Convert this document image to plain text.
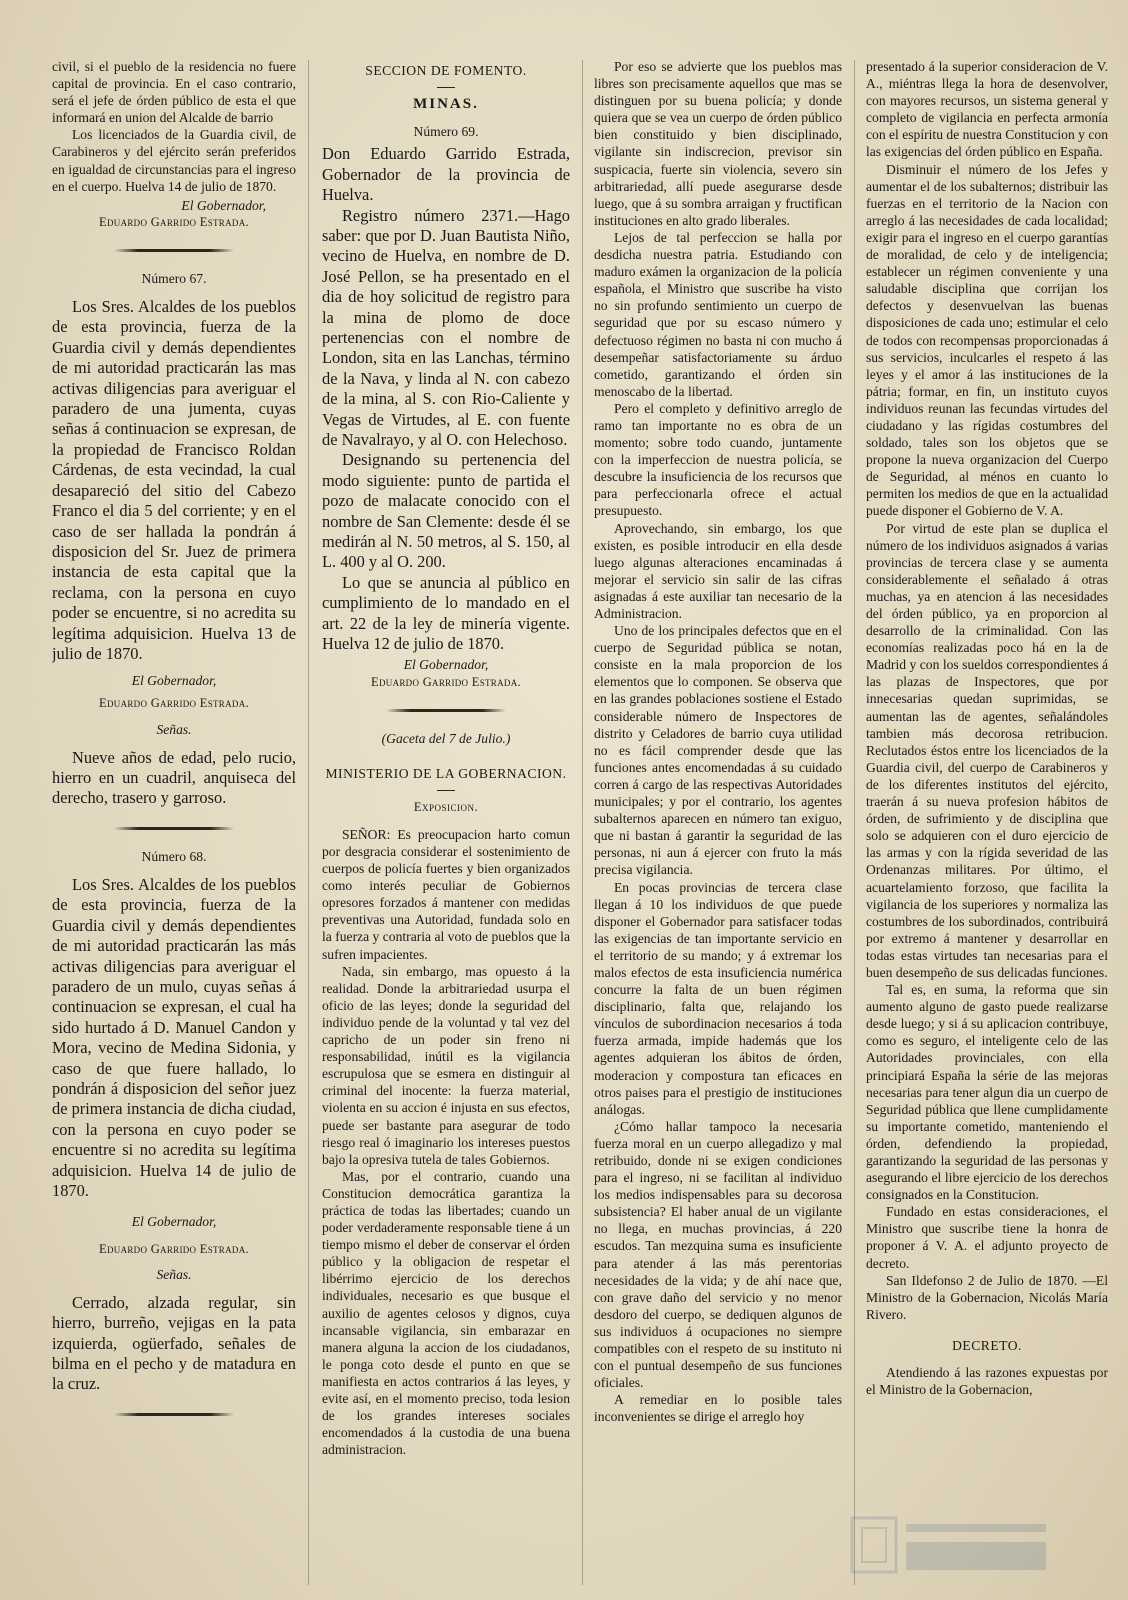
civil, si el pueblo de la residencia no fuere capital de provincia. En el caso contrario, será el jefe de órden público de esta el que informará en union del Alcalde de barrio

Los licenciados de la Guardia civil, de Carabineros y del ejército serán preferidos en igualdad de circunstancias para el ingreso en el cuerpo. Huelva 14 de julio de 1870.

El Gobernador,
Eduardo Garrido Estrada.
Número 67.

Los Sres. Alcaldes de los pueblos de esta provincia, fuerza de la Guardia civil y demás dependientes de mi autoridad practicarán las mas activas diligencias para averiguar el paradero de una jumenta, cuyas señas á continuacion se expresan, de la propiedad de Francisco Roldan Cárdenas, de esta vecindad, la cual desapareció del sitio del Cabezo Franco el dia 5 del corriente; y en el caso de ser hallada la pondrán á disposicion del Sr. Juez de primera instancia de esta capital que la reclama, con la persona en cuyo poder se encuentre, si no acredita su legítima adquisicion. Huelva 13 de julio de 1870.

El Gobernador,
Eduardo Garrido Estrada.
Señas.

Nueve años de edad, pelo rucio, hierro en un cuadril, anquiseca del derecho, trasero y garroso.

Número 68.

Los Sres. Alcaldes de los pueblos de esta provincia, fuerza de la Guardia civil y demás dependientes de mi autoridad practicarán las más activas diligencias para averiguar el paradero de un mulo, cuyas señas á continuacion se expresan, el cual ha sido hurtado á D. Manuel Candon y Mora, vecino de Medina Sidonia, y caso de que fuere hallado, lo pondrán á disposicion del señor juez de primera instancia de dicha ciudad, con la persona en cuyo poder se encuentre si no acredita su legítima adquisicion. Huelva 14 de julio de 1870.

El Gobernador,
Eduardo Garrido Estrada.
Señas.

Cerrado, alzada regular, sin hierro, burreño, vejigas en la pata izquierda, ogüerfado, señales de bilma en el pecho y de matadura en la cruz.

SECCION DE FOMENTO.
MINAS.
Número 69.

Don Eduardo Garrido Estrada, Gobernador de la provincia de Huelva.

Registro número 2371.—Hago saber: que por D. Juan Bautista Niño, vecino de Huelva, en nombre de D. José Pellon, se ha presentado en el dia de hoy solicitud de registro para la mina de plomo de doce pertenencias con el nombre de London, sita en las Lanchas, término de la Nava, y linda al N. con cabezo de la mina, al S. con Rio-Caliente y Vegas de Virtudes, al E. con fuente de Navalrayo, y al O. con Helechoso.

Designando su pertenencia del modo siguiente: punto de partida el pozo de malacate conocido con el nombre de San Clemente: desde él se medirán al N. 50 metros, al S. 150, al L. 400 y al O. 200.

Lo que se anuncia al público en cumplimiento de lo mandado en el art. 22 de la ley de minería vigente. Huelva 12 de julio de 1870.

El Gobernador,
Eduardo Garrido Estrada.
(Gaceta del 7 de Julio.)
MINISTERIO DE LA GOBERNACION.
Exposicion.

SEÑOR: Es preocupacion harto comun por desgracia considerar el sostenimiento de cuerpos de policía fuertes y bien organizados como interés peculiar de Gobiernos opresores forzados á mantener con medidas preventivas una Autoridad, fundada solo en la fuerza y contraria al voto de pueblos que la sufren impacientes.

Nada, sin embargo, mas opuesto á la realidad. Donde la arbitrariedad usurpa el oficio de las leyes; donde la seguridad del individuo pende de la voluntad y tal vez del capricho de un poder sin freno ni responsabilidad, inútil es la vigilancia escrupulosa que se esmera en distinguir al criminal del inocente: la fuerza material, violenta en su accion é injusta en sus efectos, puede ser bastante para asegurar de todo riesgo real ó imaginario los intereses puestos bajo la opresiva tutela de tales Gobiernos.

Mas, por el contrario, cuando una Constitucion democrática garantiza la práctica de todas las libertades; cuando un poder verdaderamente responsable tiene á un tiempo mismo el deber de conservar el órden público y la obligacion de respetar el libérrimo ejercicio de los derechos individuales, necesario es que busque el auxilio de agentes celosos y dignos, cuya incansable vigilancia, sin embarazar en manera alguna la accion de los ciudadanos, le ponga coto desde el punto en que se manifiesta en actos contrarios á las leyes, y evite así, en el momento preciso, toda lesion de los grandes intereses sociales encomendados á la custodia de una buena administracion.

Por eso se advierte que los pueblos mas libres son precisamente aquellos que mas se distinguen por su buena policía; y donde quiera que se vea un cuerpo de órden público bien constituido y bien disciplinado, vigilante sin indiscrecion, previsor sin suspicacia, fuerte sin violencia, severo sin arbitrariedad, allí puede asegurarse desde luego, que á su sombra arraigan y fructifican instituciones en alto grado liberales.

Lejos de tal perfeccion se halla por desdicha nuestra patria. Estudiando con maduro exámen la organizacion de la policía española, el Ministro que suscribe ha visto no sin profundo sentimiento un cuerpo de seguridad que por su escaso número y defectuoso régimen no basta ni con mucho á desempeñar satisfactoriamente su árduo cometido, garantizando el órden sin menoscabo de la libertad.

Pero el completo y definitivo arreglo de ramo tan importante no es obra de un momento; sobre todo cuando, juntamente con la imperfeccion de nuestra policía, se descubre la insuficiencia de los recursos que para perfeccionarla ofrece el actual presupuesto.

Aprovechando, sin embargo, los que existen, es posible introducir en ella desde luego algunas alteraciones encaminadas á mejorar el servicio sin salir de las cifras asignadas á este auxiliar tan necesario de la Administracion.

Uno de los principales defectos que en el cuerpo de Seguridad pública se notan, consiste en la mala proporcion de los elementos que lo componen. Se observa que en las grandes poblaciones sostiene el Estado considerable número de Inspectores de distrito y Celadores de barrio cuya utilidad no es fácil comprender desde que las funciones antes encomendadas á su cuidado corren á cargo de las respectivas Autoridades municipales; y por el contrario, los agentes subalternos aparecen en número tan exiguo, que ni bastan á garantir la seguridad de las personas, ni aun á ejercer con fruto la más precisa vigilancia.

En pocas provincias de tercera clase llegan á 10 los individuos de que puede disponer el Gobernador para satisfacer todas las exigencias de tan importante servicio en el territorio de su mando; y á extremar los malos efectos de esta insuficiencia numérica concurre la falta de un buen régimen disciplinario, falta que, relajando los vínculos de subordinacion necesarios á toda fuerza armada, impide hademás que los agentes adquieran los ábitos de órden, moderacion y compostura tan eficaces en otros paises para el prestigio de instituciones análogas.

¿Cómo hallar tampoco la necesaria fuerza moral en un cuerpo allegadizo y mal retribuido, donde ni se exigen condiciones para el ingreso, ni se facilitan al individuo los medios indispensables para su decorosa subsistencia? El haber anual de un vigilante no llega, en muchas provincias, á 220 escudos. Tan mezquina suma es insuficiente para atender á las más perentorias necesidades de la vida; y de ahí nace que, con grave daño del servicio y no menor desdoro del cuerpo, se dediquen algunos de sus individuos á ocupaciones no siempre compatibles con el respeto de su instituto ni con el puntual desempeño de sus funciones oficiales.

A remediar en lo posible tales inconvenientes se dirige el arreglo hoy

presentado á la superior consideracion de V. A., miéntras llega la hora de desenvolver, con mayores recursos, un sistema general y completo de vigilancia en perfecta armonía con el espíritu de nuestra Constitucion y con las exigencias del órden público en España.

Disminuir el número de los Jefes y aumentar el de los subalternos; distribuir las fuerzas en el territorio de la Nacion con arreglo á las necesidades de cada localidad; exigir para el ingreso en el cuerpo garantías de moralidad, de celo y de inteligencia; establecer un régimen conveniente y una saludable disciplina que corrijan los defectos y desenvuelvan las buenas disposiciones de cada uno; estimular el celo de todos con recompensas proporcionadas á sus servicios, inculcarles el respeto á las leyes y el amor á las instituciones de la pátria; formar, en fin, un instituto cuyos individuos reunan las fecundas virtudes del ciudadano y las rígidas costumbres del soldado, tales son los objetos que se propone la nueva organizacion del Cuerpo de Seguridad, al ménos en cuanto lo permiten los medios de que en la actualidad puede disponer el Gobierno de V. A.

Por virtud de este plan se duplica el número de los individuos asignados á varias provincias de tercera clase y se aumenta considerablemente el señalado á otras muchas, ya en atencion á las necesidades del órden público, ya en proporcion al desarrollo de la criminalidad. Con las economías realizadas poco há en la de Madrid y con los sueldos correspondientes á las plazas de Inspectores, que por innecesarias quedan suprimidas, se aumentan las de agentes, señalándoles tambien más decorosa retribucion. Reclutados éstos entre los licenciados de la Guardia civil, del cuerpo de Carabineros y de los diferentes institutos del ejército, traerán á su nueva profesion hábitos de órden, de sufrimiento y de disciplina que solo se adquieren con el duro ejercicio de las armas y con la rígida severidad de las Ordenanzas militares. Por último, el acuartelamiento forzoso, que facilita la vigilancia de los superiores y normaliza las costumbres de los subordinados, contribuirá por extremo á mantener y desarrollar en todas estas virtudes tan necesarias para el buen desempeño de sus delicadas funciones.

Tal es, en suma, la reforma que sin aumento alguno de gasto puede realizarse desde luego; y si á su aplicacion contribuye, como es seguro, el inteligente celo de las Autoridades provinciales, con ella principiará España la série de las mejoras necesarias para tener algun dia un cuerpo de Seguridad pública que llene cumplidamente su importante cometido, manteniendo el órden, defendiendo la propiedad, garantizando la seguridad de las personas y asegurando el libre ejercicio de los derechos consignados en la Constitucion.

Fundado en estas consideraciones, el Ministro que suscribe tiene la honra de proponer á V. A. el adjunto proyecto de decreto.

San Ildefonso 2 de Julio de 1870. —El Ministro de la Gobernacion, Nicolás María Rivero.

DECRETO.

Atendiendo á las razones expuestas por el Ministro de la Gobernacion,
